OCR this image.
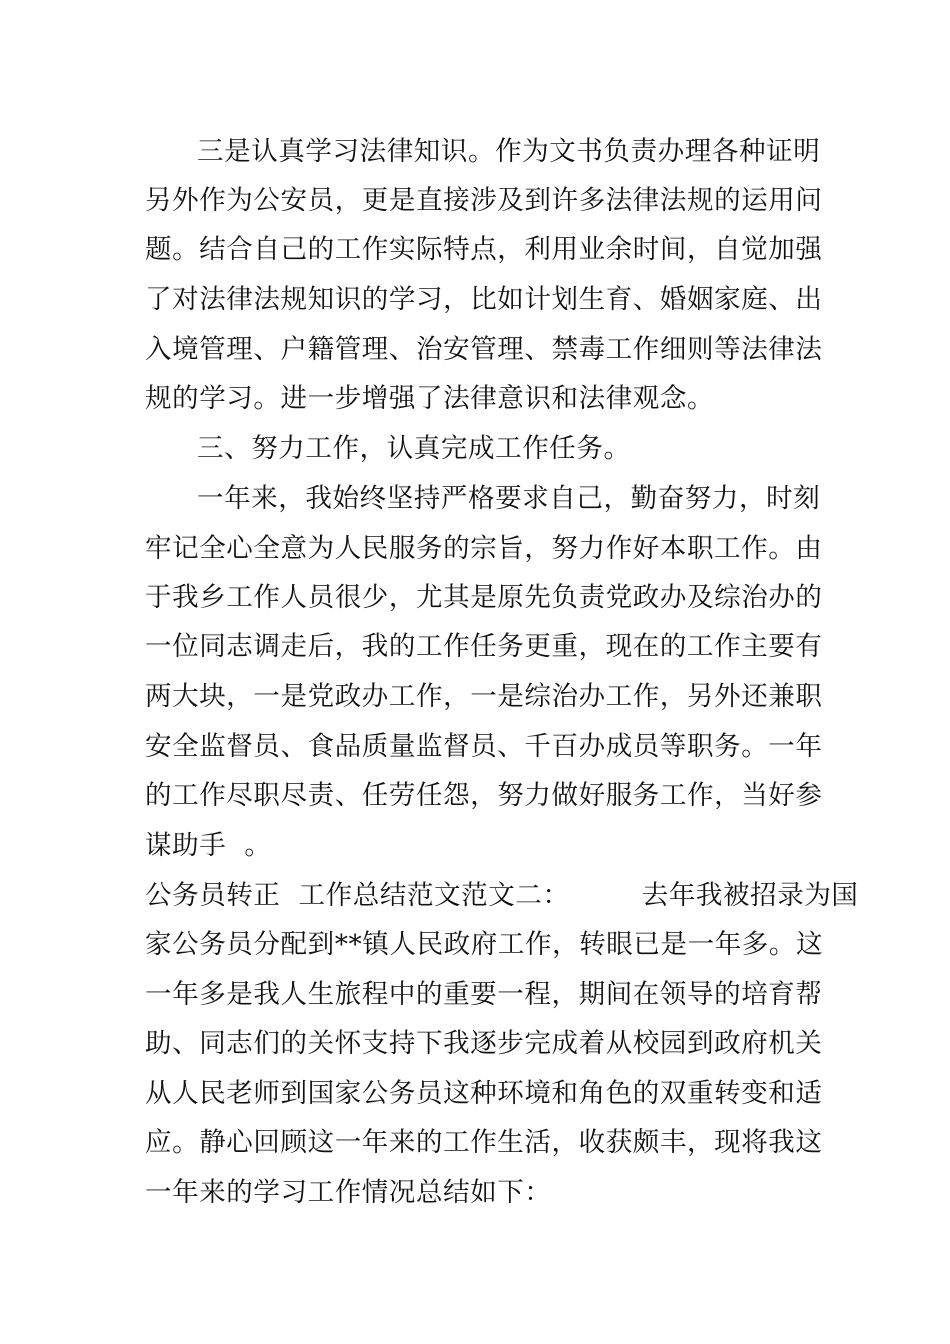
三是认真学习法律知识。作为文书负责办理各种证明
另外作为公安员，更是直接涉及到许多法律法规的运用问
题。结合自己的工作实际特点，利用业余时间，自觉加强
了对法律法规知识的学习，比如计划生育、婚姻家庭、出
入境管理、户籍管理、治安管理、禁毒工作细则等法律法
规的学习。进一步增强了法律意识和法律观念。
三、努力工作，认真完成工作任务。
一年来，我始终坚持严格要求自己，勤奋努力，时刻
牢记全心全意为人民服务的宗旨，努力作好本职工作。由
于我乡工作人员很少，尤其是原先负责党政办及综治办的
一位同志调走后，我的工作任务更重，现在的工作主要有
两大块，一是党政办工作，一是综治办工作，另外还兼职
安全监督员、食品质量监督员、千百办成员等职务。一年
的工作尽职尽责、任劳任怨，努力做好服务工作，当好参
谋助手  。
公务员转正  工作总结范文范文二：        去年我被招录为国
家公务员分配到**镇人民政府工作，转眼已是一年多。这
一年多是我人生旅程中的重要一程，期间在领导的培育帮
助、同志们的关怀支持下我逐步完成着从校园到政府机关
从人民老师到国家公务员这种环境和角色的双重转变和适
应。静心回顾这一年来的工作生活，收获颇丰，现将我这
一年来的学习工作情况总结如下：
